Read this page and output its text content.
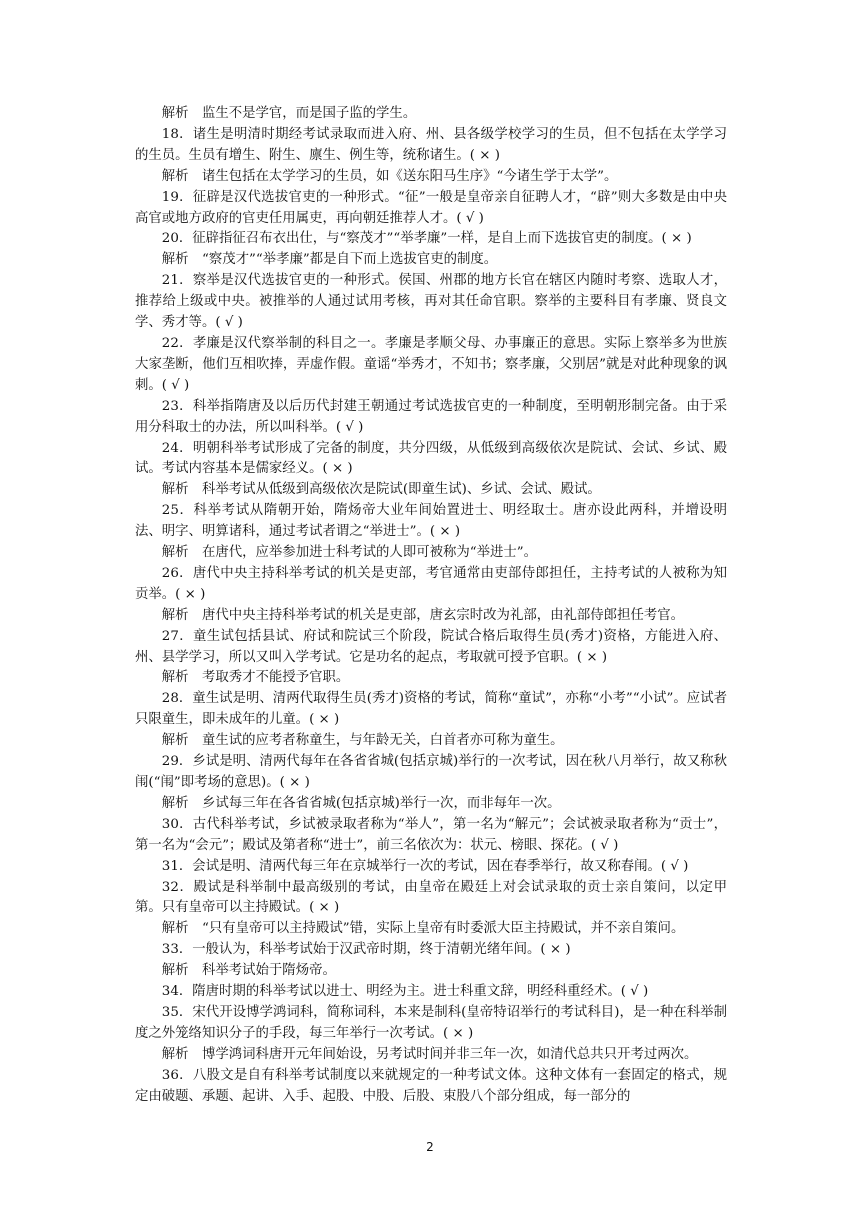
解析　监生不是学官，而是国子监的学生。

18．诸生是明清时期经考试录取而进入府、州、县各级学校学习的生员，但不包括在太学学习的生员。生员有增生、附生、廪生、例生等，统称诸生。( × )

解析　诸生包括在太学学习的生员，如《送东阳马生序》“今诸生学于太学”。

19．征辟是汉代选拔官吏的一种形式。“征”一般是皇帝亲自征聘人才，“辟”则大多数是由中央高官或地方政府的官吏任用属吏，再向朝廷推荐人才。( √ )

20．征辟指征召布衣出仕，与“察茂才”“举孝廉”一样，是自上而下选拔官吏的制度。( × )

解析　“察茂才”“举孝廉”都是自下而上选拔官吏的制度。

21．察举是汉代选拔官吏的一种形式。侯国、州郡的地方长官在辖区内随时考察、选取人才，推荐给上级或中央。被推举的人通过试用考核，再对其任命官职。察举的主要科目有孝廉、贤良文学、秀才等。( √ )

22．孝廉是汉代察举制的科目之一。孝廉是孝顺父母、办事廉正的意思。实际上察举多为世族大家垄断，他们互相吹捧，弄虚作假。童谣“举秀才，不知书；察孝廉，父别居”就是对此种现象的讽刺。( √ )

23．科举指隋唐及以后历代封建王朝通过考试选拔官吏的一种制度，至明朝形制完备。由于采用分科取士的办法，所以叫科举。( √ )

24．明朝科举考试形成了完备的制度，共分四级，从低级到高级依次是院试、会试、乡试、殿试。考试内容基本是儒家经义。( × )

解析　科举考试从低级到高级依次是院试(即童生试)、乡试、会试、殿试。

25．科举考试从隋朝开始，隋炀帝大业年间始置进士、明经取士。唐亦设此两科，并增设明法、明字、明算诸科，通过考试者谓之“举进士”。( × )

解析　在唐代，应举参加进士科考试的人即可被称为“举进士”。

26．唐代中央主持科举考试的机关是吏部，考官通常由吏部侍郎担任，主持考试的人被称为知贡举。( × )

解析　唐代中央主持科举考试的机关是吏部，唐玄宗时改为礼部，由礼部侍郎担任考官。

27．童生试包括县试、府试和院试三个阶段，院试合格后取得生员(秀才)资格，方能进入府、州、县学学习，所以又叫入学考试。它是功名的起点，考取就可授予官职。( × )

解析　考取秀才不能授予官职。

28．童生试是明、清两代取得生员(秀才)资格的考试，简称“童试”，亦称“小考”“小试”。应试者只限童生，即未成年的儿童。( × )

解析　童生试的应考者称童生，与年龄无关，白首者亦可称为童生。

29．乡试是明、清两代每年在各省省城(包括京城)举行的一次考试，因在秋八月举行，故又称秋闱(“闱”即考场的意思)。( × )

解析　乡试每三年在各省省城(包括京城)举行一次，而非每年一次。

30．古代科举考试，乡试被录取者称为“举人”，第一名为“解元”；会试被录取者称为“贡士”，第一名为“会元”；殿试及第者称“进士”，前三名依次为：状元、榜眼、探花。( √ )

31．会试是明、清两代每三年在京城举行一次的考试，因在春季举行，故又称春闱。( √ )

32．殿试是科举制中最高级别的考试，由皇帝在殿廷上对会试录取的贡士亲自策问，以定甲第。只有皇帝可以主持殿试。( × )

解析　“只有皇帝可以主持殿试”错，实际上皇帝有时委派大臣主持殿试，并不亲自策问。

33．一般认为，科举考试始于汉武帝时期，终于清朝光绪年间。( × )

解析　科举考试始于隋炀帝。

34．隋唐时期的科举考试以进士、明经为主。进士科重文辞，明经科重经术。( √ )

35．宋代开设博学鸿词科，简称词科，本来是制科(皇帝特诏举行的考试科目)，是一种在科举制度之外笼络知识分子的手段，每三年举行一次考试。( × )

解析　博学鸿词科唐开元年间始设，另考试时间并非三年一次，如清代总共只开考过两次。

36．八股文是自有科举考试制度以来就规定的一种考试文体。这种文体有一套固定的格式，规定由破题、承题、起讲、入手、起股、中股、后股、束股八个部分组成，每一部分的

2
